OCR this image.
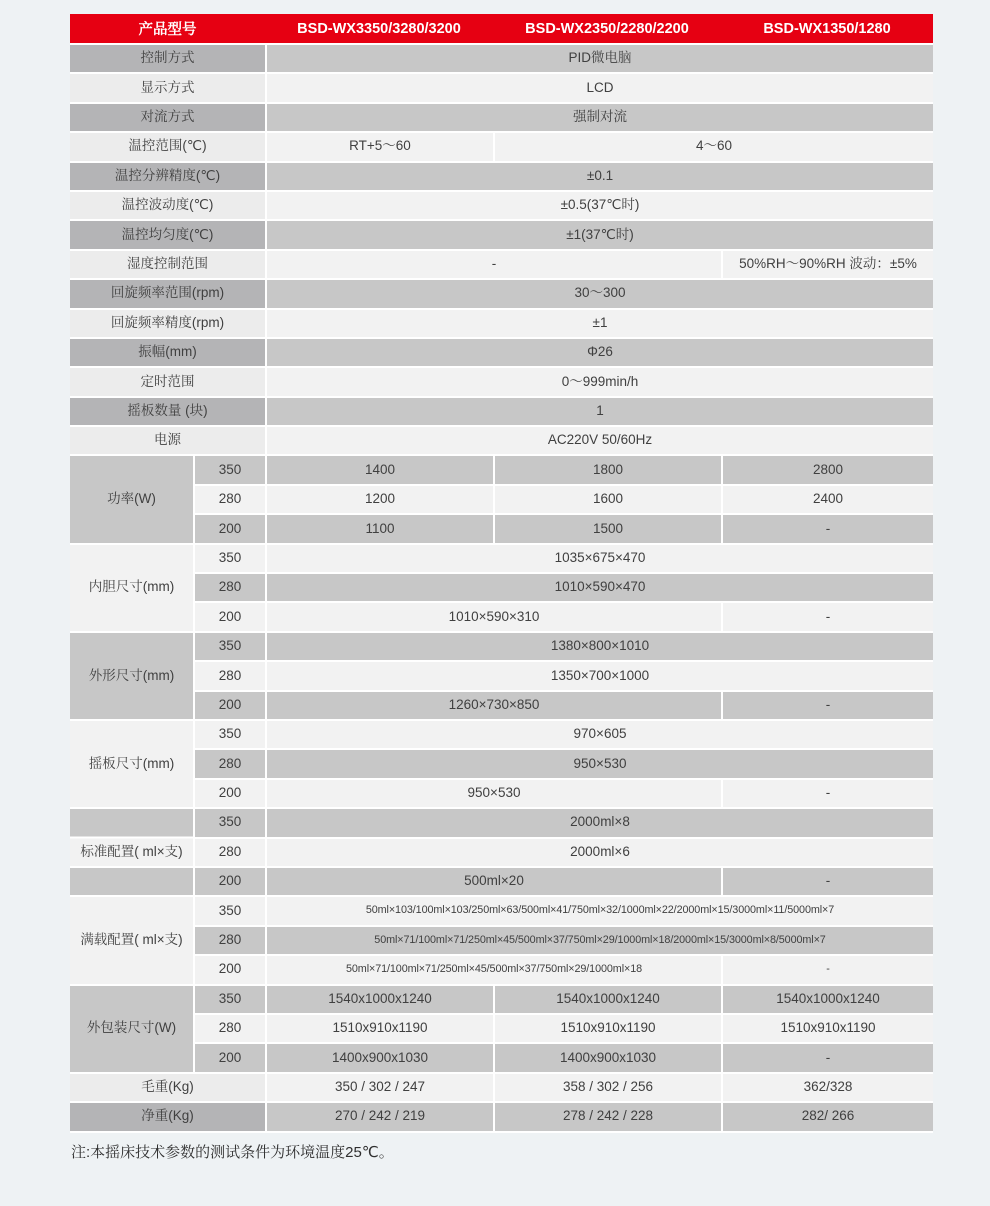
产品型号	BSD-WX3350/3280/3200	BSD-WX2350/2280/2200	BSD-WX1350/1280
控制方式	PID微电脑
显示方式	LCD
对流方式	强制对流
温控范围(℃)	RT+5～60	4～60
温控分辨精度(℃)	±0.1
温控波动度(℃)	±0.5(37℃时)
温控均匀度(℃)	±1(37℃时)
湿度控制范围	-	50%RH～90%RH 波动：±5%
回旋频率范围(rpm)	30～300
回旋频率精度(rpm)	±1
振幅(mm)	Φ26
定时范围	0～999min/h
摇板数量 (块)	1
电源	AC220V 50/60Hz
功率(W)
350	1400	1800	2800
280	1200	1600	2400
200	1100	1500	-
内胆尺寸(mm)
350	1035×675×470
280	1010×590×470
200	1010×590×310	-
外形尺寸(mm)
350	1380×800×1010
280	1350×700×1000
200	1260×730×850	-
摇板尺寸(mm)
350	970×605
280	950×530
200	950×530	-
标准配置( ml×支)
350	2000ml×8
280	2000ml×6
200	500ml×20	-
满载配置( ml×支)
350	50ml×103/100ml×103/250ml×63/500ml×41/750ml×32/1000ml×22/2000ml×15/3000ml×11/5000ml×7
280	50ml×71/100ml×71/250ml×45/500ml×37/750ml×29/1000ml×18/2000ml×15/3000ml×8/5000ml×7
200	50ml×71/100ml×71/250ml×45/500ml×37/750ml×29/1000ml×18	-
外包装尺寸(W)
350	1540x1000x1240	1540x1000x1240	1540x1000x1240
280	1510x910x1190	1510x910x1190	1510x910x1190
200	1400x900x1030	1400x900x1030	-
毛重(Kg)	350 / 302 / 247	358 / 302 / 256	362/328
净重(Kg)	270 / 242 / 219	278 / 242 / 228	282/ 266
注:本摇床技术参数的测试条件为环境温度25℃。
